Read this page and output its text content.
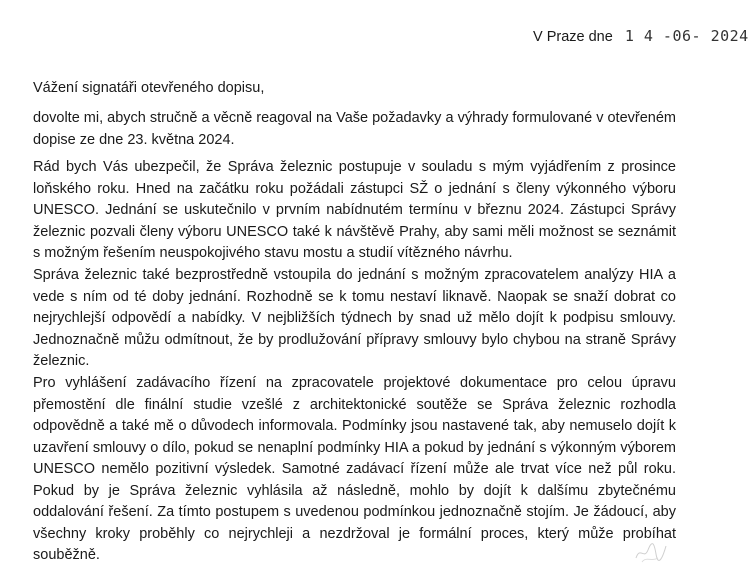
V Praze dne 1 4 -06- 2024
Vážení signatáři otevřeného dopisu,

dovolte mi, abych stručně a věcně reagoval na Vaše požadavky a výhrady formulované v otevřeném dopise ze dne 23. května 2024.

Rád bych Vás ubezpečil, že Správa železnic postupuje v souladu s mým vyjádřením z prosince loňského roku. Hned na začátku roku požádali zástupci SŽ o jednání s členy výkonného výboru UNESCO. Jednání se uskutečnilo v prvním nabídnutém termínu v březnu 2024. Zástupci Správy železnic pozvali členy výboru UNESCO také k návštěvě Prahy, aby sami měli možnost se seznámit s možným řešením neuspokojivého stavu mostu a studií vítězného návrhu.

Správa železnic také bezprostředně vstoupila do jednání s možným zpracovatelem analýzy HIA a vede s ním od té doby jednání. Rozhodně se k tomu nestaví liknavě. Naopak se snaží dobrat co nejrychlejší odpovědí a nabídky. V nejbližších týdnech by snad už mělo dojít k podpisu smlouvy. Jednoznačně můžu odmítnout, že by prodlužování přípravy smlouvy bylo chybou na straně Správy železnic.

Pro vyhlášení zadávacího řízení na zpracovatele projektové dokumentace pro celou úpravu přemostění dle finální studie vzešlé z architektonické soutěže se Správa železnic rozhodla odpovědně a také mě o důvodech informovala. Podmínky jsou nastavené tak, aby nemuselo dojít k uzavření smlouvy o dílo, pokud se nenaplní podmínky HIA a pokud by jednání s výkonným výborem UNESCO nemělo pozitivní výsledek. Samotné zadávací řízení může ale trvat více než půl roku. Pokud by je Správa železnic vyhlásila až následně, mohlo by dojít k dalšímu zbytečnému oddalování řešení. Za tímto postupem s uvedenou podmínkou jednoznačně stojím. Je žádoucí, aby všechny kroky proběhly co nejrychleji a nezdržoval je formální proces, který může probíhat souběžně.
